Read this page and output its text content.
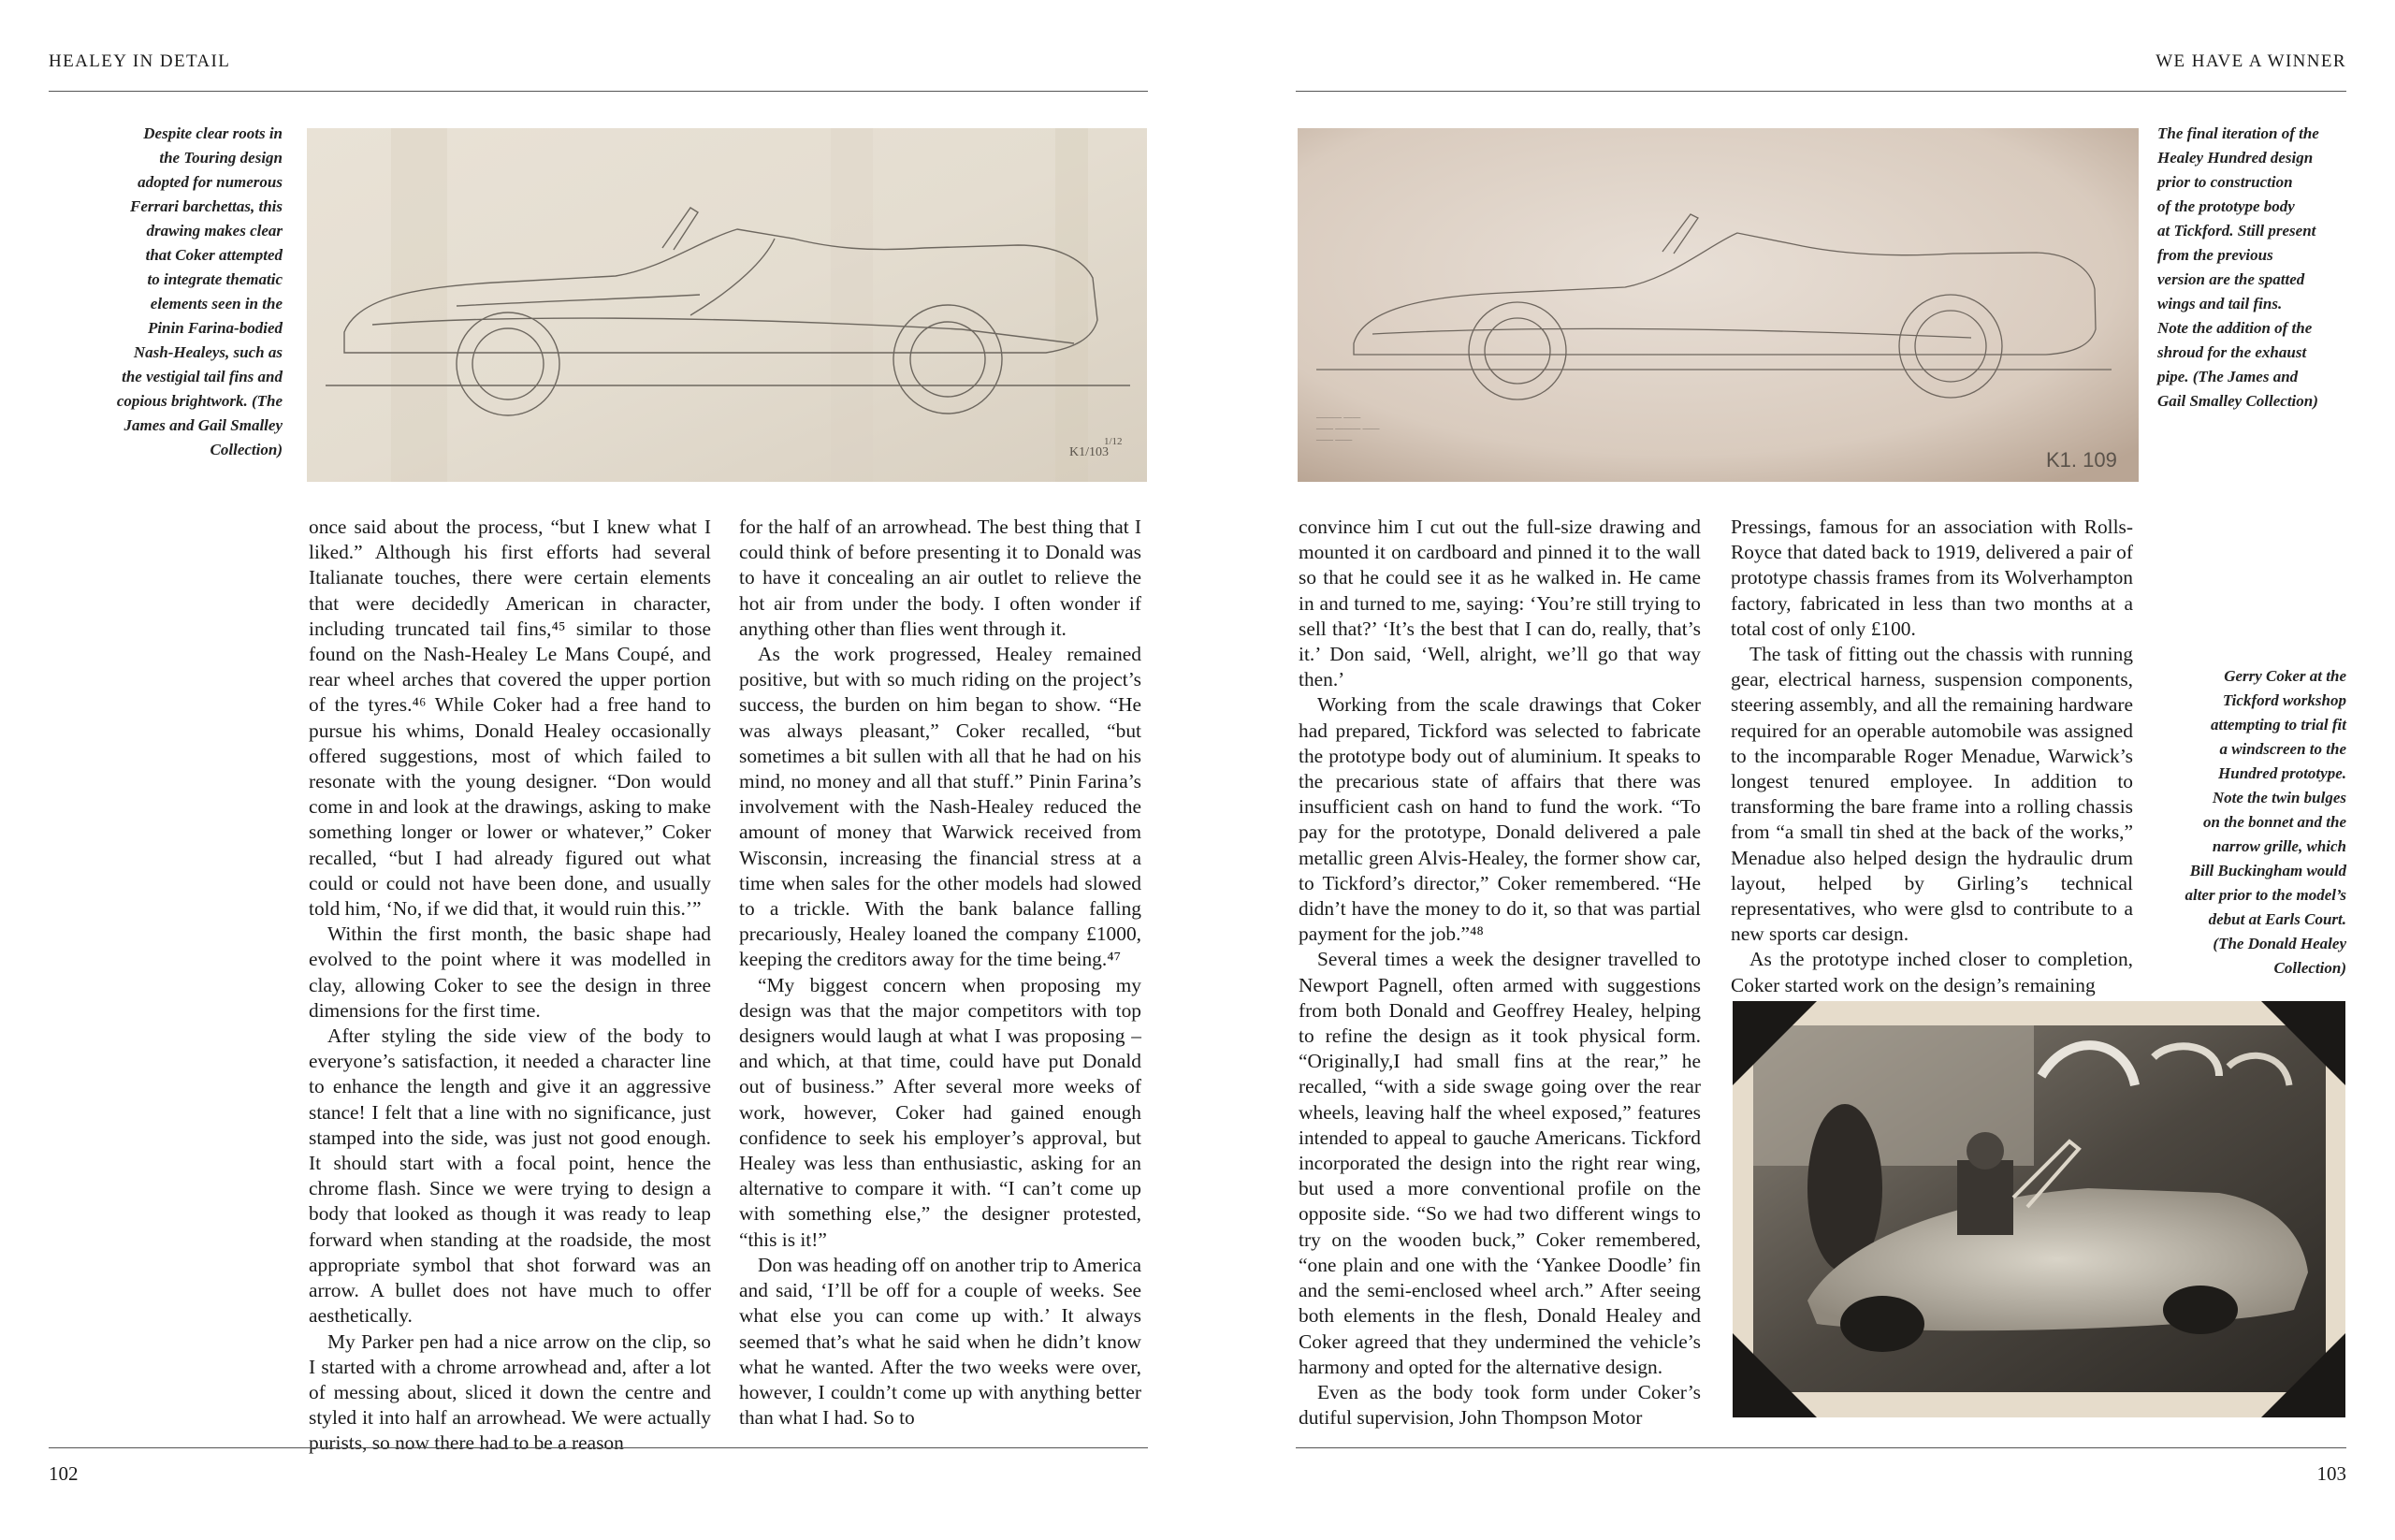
HEALEY IN DETAIL
Despite clear roots in
the Touring design
adopted for numerous
Ferrari barchettas, this
drawing makes clear
that Coker attempted
to integrate thematic
elements seen in the
Pinin Farina-bodied
Nash-Healeys, such as
the vestigial tail fins and
copious brightwork. (The
James and Gail Smalley
Collection)	K1/103
1/12

once said about the process, “but I knew what I liked.” Although his first efforts had several Italianate touches, there were certain elements that were decidedly American in character, including truncated tail fins,⁴⁵ similar to those found on the Nash-Healey Le Mans Coupé, and rear wheel arches that covered the upper portion of the tyres.⁴⁶ While Coker had a free hand to pursue his whims, Donald Healey occasionally offered suggestions, most of which failed to resonate with the young designer. “Don would come in and look at the drawings, asking to make something longer or lower or whatever,” Coker recalled, “but I had already figured out what could or could not have been done, and usually told him, ‘No, if we did that, it would ruin this.’”

Within the first month, the basic shape had evolved to the point where it was modelled in clay, allowing Coker to see the design in three dimensions for the first time.

After styling the side view of the body to everyone’s satisfaction, it needed a character line to enhance the length and give it an aggressive stance! I felt that a line with no significance, just stamped into the side, was just not good enough. It should start with a focal point, hence the chrome flash. Since we were trying to design a body that looked as though it was ready to leap forward when standing at the roadside, the most appropriate symbol that shot forward was an arrow. A bullet does not have much to offer aesthetically.

My Parker pen had a nice arrow on the clip, so I started with a chrome arrowhead and, after a lot of messing about, sliced it down the centre and styled it into half an arrowhead. We were actually purists, so now there had to be a reason

for the half of an arrowhead. The best thing that I could think of before presenting it to Donald was to have it concealing an air outlet to relieve the hot air from under the body. I often wonder if anything other than flies went through it.

As the work progressed, Healey remained positive, but with so much riding on the project’s success, the burden on him began to show. “He was always pleasant,” Coker recalled, “but sometimes a bit sullen with all that he had on his mind, no money and all that stuff.” Pinin Farina’s involvement with the Nash-Healey reduced the amount of money that Warwick received from Wisconsin, increasing the financial stress at a time when sales for the other models had slowed to a trickle. With the bank balance falling precariously, Healey loaned the company £1000, keeping the creditors away for the time being.⁴⁷

“My biggest concern when proposing my design was that the major competitors with top designers would laugh at what I was proposing – and which, at that time, could have put Donald out of business.” After several more weeks of work, however, Coker had gained enough confidence to seek his employer’s approval, but Healey was less than enthusiastic, asking for an alternative to compare it with. “I can’t come up with something else,” the designer protested, “this is it!”

Don was heading off on another trip to America and said, ‘I’ll be off for a couple of weeks. See what else you can come up with.’ It always seemed that’s what he said when he didn’t know what he wanted. After the two weeks were over, however, I couldn’t come up with anything better than what I had. So to

102
WE HAVE A WINNER
——— ——
—— ——— ——
—— ——
K1. 109
The final iteration of the
Healey Hundred design
prior to construction
of the prototype body
at Tickford. Still present
from the previous
version are the spatted
wings and tail fins.
Note the addition of the
shroud for the exhaust
pipe. (The James and
Gail Smalley Collection)
Gerry Coker at the
Tickford workshop
attempting to trial fit
a windscreen to the
Hundred prototype.
Note the twin bulges
on the bonnet and the
narrow grille, which
Bill Buckingham would
alter prior to the model’s
debut at Earls Court.
(The Donald Healey
Collection)

convince him I cut out the full-size drawing and mounted it on cardboard and pinned it to the wall so that he could see it as he walked in. He came in and turned to me, saying: ‘You’re still trying to sell that?’ ‘It’s the best that I can do, really, that’s it.’ Don said, ‘Well, alright, we’ll go that way then.’

Working from the scale drawings that Coker had prepared, Tickford was selected to fabricate the prototype body out of aluminium. It speaks to the precarious state of affairs that there was insufficient cash on hand to fund the work. “To pay for the prototype, Donald delivered a pale metallic green Alvis-Healey, the former show car, to Tickford’s director,” Coker remembered. “He didn’t have the money to do it, so that was partial payment for the job.”⁴⁸

Several times a week the designer travelled to Newport Pagnell, often armed with suggestions from both Donald and Geoffrey Healey, helping to refine the design as it took physical form. “Originally,I had small fins at the rear,” he recalled, “with a side swage going over the rear wheels, leaving half the wheel exposed,” features intended to appeal to gauche Americans. Tickford incorporated the design into the right rear wing, but used a more conventional profile on the opposite side. “So we had two different wings to try on the wooden buck,” Coker remembered, “one plain and one with the ‘Yankee Doodle’ fin and the semi-enclosed wheel arch.” After seeing both elements in the flesh, Donald Healey and Coker agreed that they undermined the vehicle’s harmony and opted for the alternative design.

Even as the body took form under Coker’s dutiful supervision, John Thompson Motor

Pressings, famous for an association with Rolls-Royce that dated back to 1919, delivered a pair of prototype chassis frames from its Wolverhampton factory, fabricated in less than two months at a total cost of only £100.

The task of fitting out the chassis with running gear, electrical harness, suspension components, steering assembly, and all the remaining hardware required for an operable automobile was assigned to the incomparable Roger Menadue, Warwick’s longest tenured employee. In addition to transforming the bare frame into a rolling chassis from “a small tin shed at the back of the works,” Menadue also helped design the hydraulic drum layout, helped by Girling’s technical representatives, who were glsd to contribute to a new sports car design.

As the prototype inched closer to completion, Coker started work on the design’s remaining

103
